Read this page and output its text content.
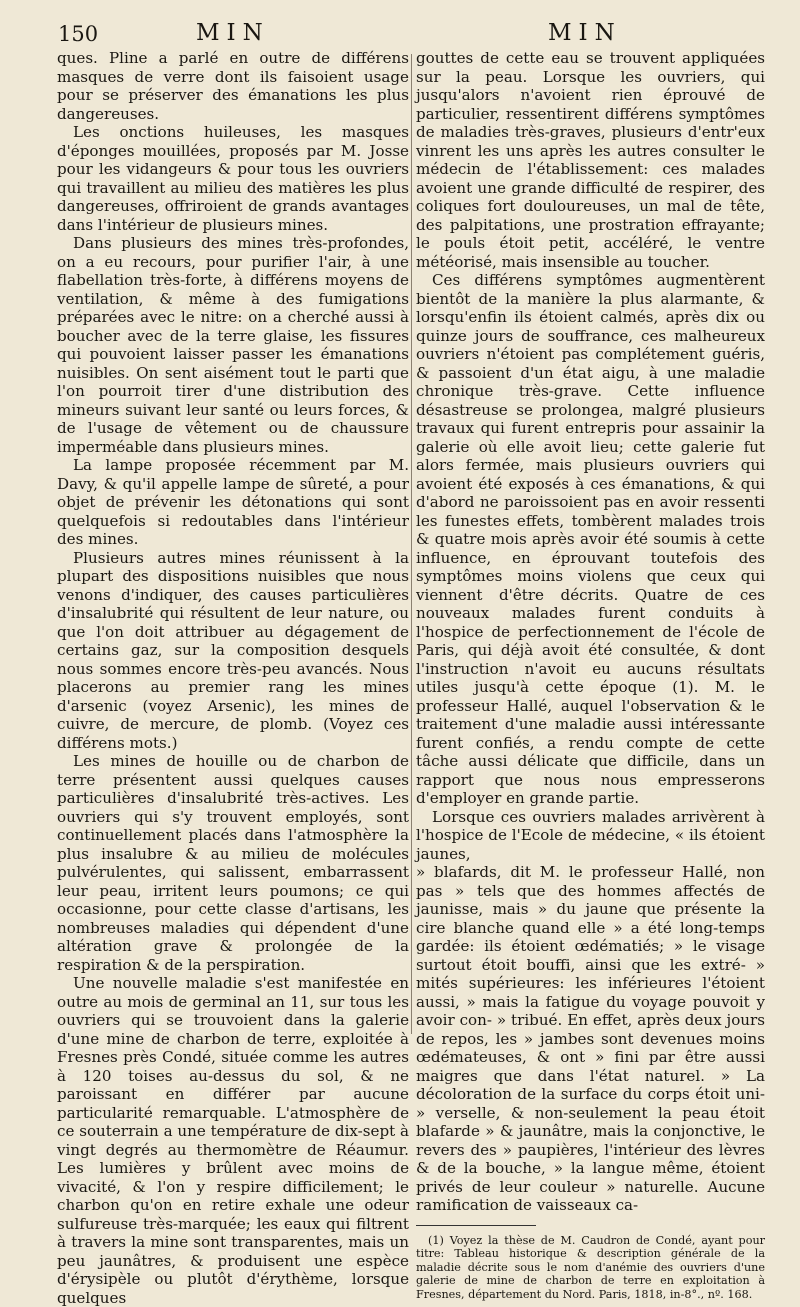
150	MIN	MIN

ques. Pline a parlé en outre de différens masques de verre dont ils faisoient usage pour se préserver des émanations les plus dangereuses.

Les onctions huileuses, les masques d'éponges mouillées, proposés par M. Josse pour les vidangeurs & pour tous les ouvriers qui travaillent au milieu des matières les plus dangereuses, offriroient de grands avantages dans l'intérieur de plusieurs mines.

Dans plusieurs des mines très-profondes, on a eu recours, pour purifier l'air, à une flabellation très-forte, à différens moyens de ventilation, & même à des fumigations préparées avec le nitre: on a cherché aussi à boucher avec de la terre glaise, les fissures qui pouvoient laisser passer les émanations nuisibles. On sent aisément tout le parti que l'on pourroit tirer d'une distribution des mineurs suivant leur santé ou leurs forces, & de l'usage de vêtement ou de chaussure imperméable dans plusieurs mines.

La lampe proposée récemment par M. Davy, & qu'il appelle lampe de sûreté, a pour objet de prévenir les détonations qui sont quelquefois si redoutables dans l'intérieur des mines.

Plusieurs autres mines réunissent à la plupart des dispositions nuisibles que nous venons d'indiquer, des causes particulières d'insalubrité qui résultent de leur nature, ou que l'on doit attribuer au dégagement de certains gaz, sur la composition desquels nous sommes encore très-peu avancés. Nous placerons au premier rang les mines d'arsenic (voyez Arsenic), les mines de cuivre, de mercure, de plomb. (Voyez ces différens mots.)

Les mines de houille ou de charbon de terre présentent aussi quelques causes particulières d'insalubrité très-actives. Les ouvriers qui s'y trouvent employés, sont continuellement placés dans l'atmosphère la plus insalubre & au milieu de molécules pulvérulentes, qui salissent, embarrassent leur peau, irritent leurs poumons; ce qui occasionne, pour cette classe d'artisans, les nombreuses maladies qui dépendent d'une altération grave & prolongée de la respiration & de la perspiration.

Une nouvelle maladie s'est manifestée en outre au mois de germinal an 11, sur tous les ouvriers qui se trouvoient dans la galerie d'une mine de charbon de terre, exploitée à Fresnes près Condé, située comme les autres à 120 toises au-dessus du sol, & ne paroissant en différer par aucune particularité remarquable. L'atmosphère de ce souterrain a une température de dix-sept à vingt degrés au thermomètre de Réaumur. Les lumières y brûlent avec moins de vivacité, & l'on y respire difficilement; le charbon qu'on en retire exhale une odeur sulfureuse très-marquée; les eaux qui filtrent à travers la mine sont transparentes, mais un peu jaunâtres, & produisent une espèce d'érysipèle ou plutôt d'érythème, lorsque quelques

gouttes de cette eau se trouvent appliquées sur la peau. Lorsque les ouvriers, qui jusqu'alors n'avoient rien éprouvé de particulier, ressentirent différens symptômes de maladies très-graves, plusieurs d'entr'eux vinrent les uns après les autres consulter le médecin de l'établissement: ces malades avoient une grande difficulté de respirer, des coliques fort douloureuses, un mal de tête, des palpitations, une prostration effrayante; le pouls étoit petit, accéléré, le ventre météorisé, mais insensible au toucher.

Ces différens symptômes augmentèrent bientôt de la manière la plus alarmante, & lorsqu'enfin ils étoient calmés, après dix ou quinze jours de souffrance, ces malheureux ouvriers n'étoient pas complétement guéris, & passoient d'un état aigu, à une maladie chronique très-grave. Cette influence désastreuse se prolongea, malgré plusieurs travaux qui furent entrepris pour assainir la galerie où elle avoit lieu; cette galerie fut alors fermée, mais plusieurs ouvriers qui avoient été exposés à ces émanations, & qui d'abord ne paroissoient pas en avoir ressenti les funestes effets, tombèrent malades trois & quatre mois après avoir été soumis à cette influence, en éprouvant toutefois des symptômes moins violens que ceux qui viennent d'être décrits. Quatre de ces nouveaux malades furent conduits à l'hospice de perfectionnement de l'école de Paris, qui déjà avoit été consultée, & dont l'instruction n'avoit eu aucuns résultats utiles jusqu'à cette époque (1). M. le professeur Hallé, auquel l'observation & le traitement d'une maladie aussi intéressante furent confiés, a rendu compte de cette tâche aussi délicate que difficile, dans un rapport que nous nous empresserons d'employer en grande partie.

Lorsque ces ouvriers malades arrivèrent à l'hospice de l'Ecole de médecine, « ils étoient jaunes,

» blafards, dit M. le professeur Hallé, non pas » tels que des hommes affectés de jaunisse, mais » du jaune que présente la cire blanche quand elle » a été long-temps gardée: ils étoient œdématiés; » le visage surtout étoit bouffi, ainsi que les extré- » mités supérieures: les inférieures l'étoient aussi, » mais la fatigue du voyage pouvoit y avoir con- » tribué. En effet, après deux jours de repos, les » jambes sont devenues moins œdémateuses, & ont » fini par être aussi maigres que dans l'état naturel. » La décoloration de la surface du corps étoit uni- » verselle, & non-seulement la peau étoit blafarde » & jaunâtre, mais la conjonctive, le revers des » paupières, l'intérieur des lèvres & de la bouche, » la langue même, étoient privés de leur couleur » naturelle. Aucune ramification de vaisseaux ca-

(1) Voyez la thèse de M. Caudron de Condé, ayant pour titre: Tableau historique & description générale de la maladie décrite sous le nom d'anémie des ouvriers d'une galerie de mine de charbon de terre en exploitation à Fresnes, département du Nord. Paris, 1818, in-8°., nº. 168.
